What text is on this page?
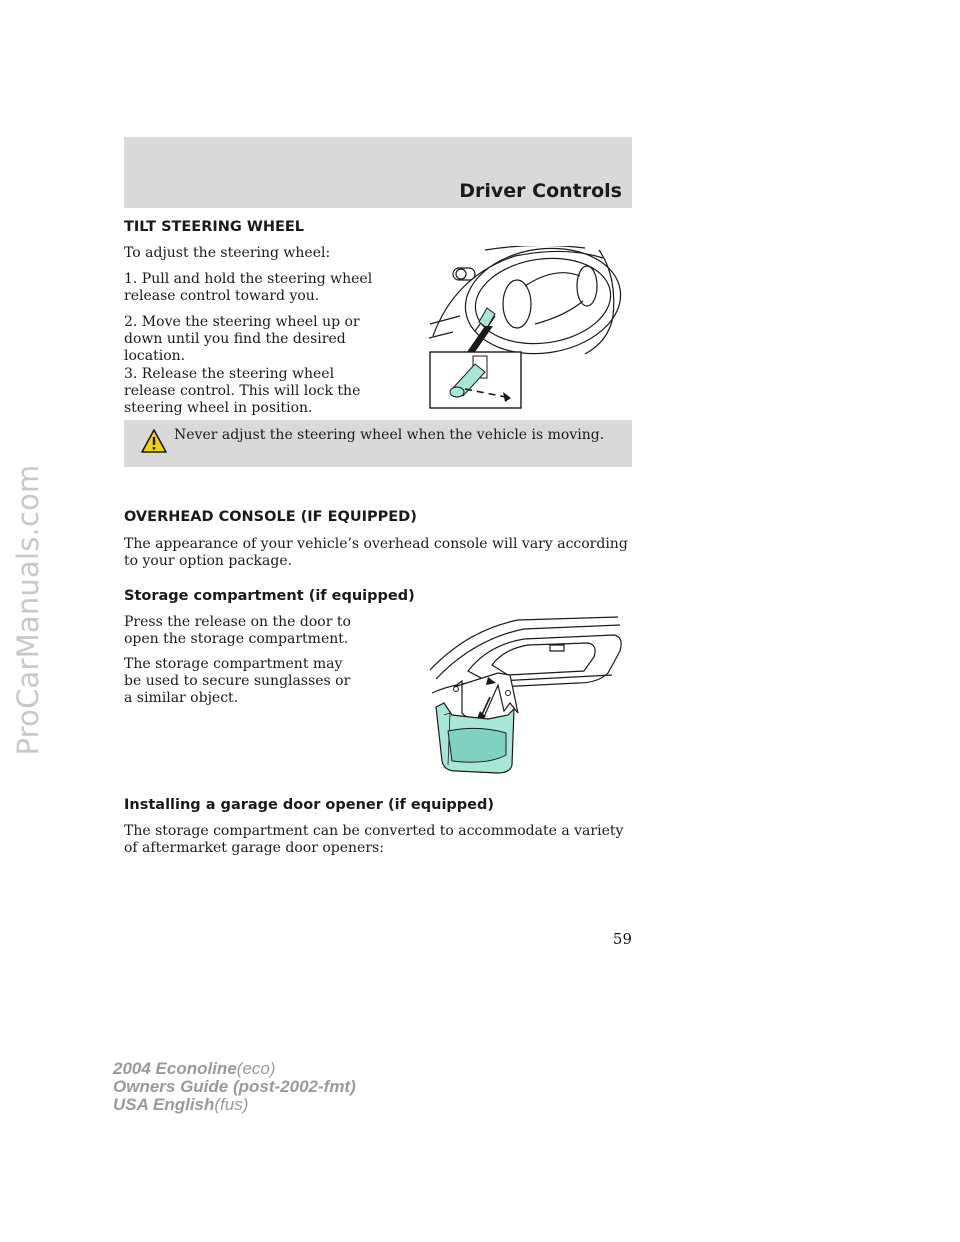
ProCarManuals.com
Driver Controls
TILT STEERING WHEEL

To adjust the steering wheel:

1. Pull and hold the steering wheel release control toward you.

2. Move the steering wheel up or down until you find the desired location.

3. Release the steering wheel release control. This will lock the steering wheel in position.

Never adjust the steering wheel when the vehicle is moving.
OVERHEAD CONSOLE (IF EQUIPPED)

The appearance of your vehicle’s overhead console will vary according to your option package.

Storage compartment (if equipped)

Press the release on the door to open the storage compartment.

The storage compartment may be used to secure sunglasses or a similar object.

Installing a garage door opener (if equipped)

The storage compartment can be converted to accommodate a variety of aftermarket garage door openers:

59
2004 Econoline(eco)
Owners Guide (post-2002-fmt)
USA English(fus)
